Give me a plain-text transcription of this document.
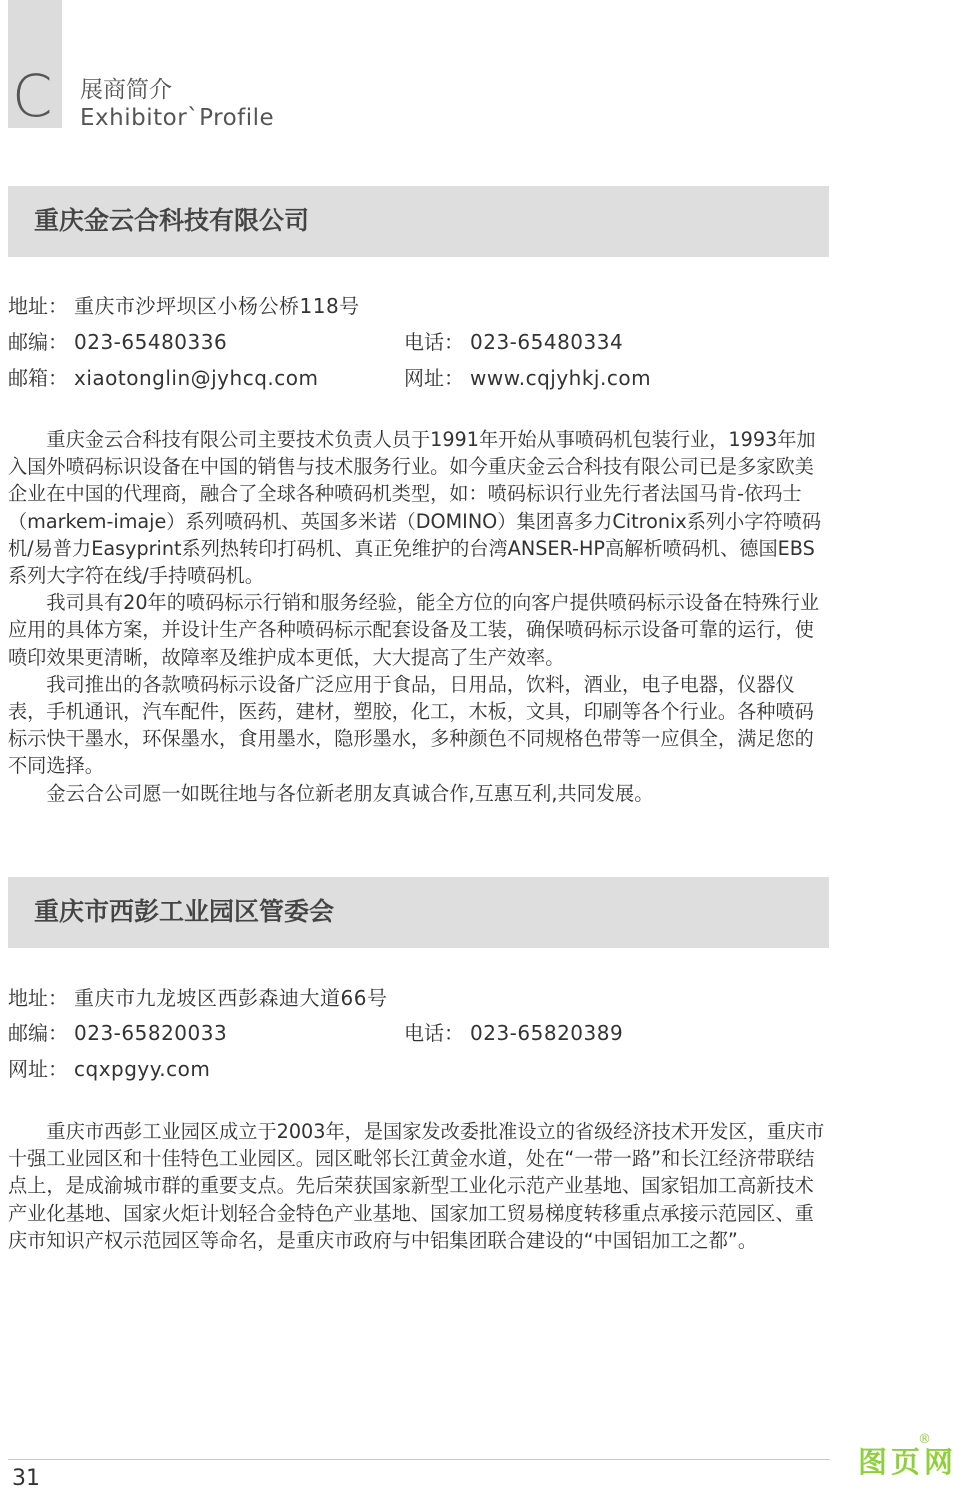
C 展商简介
Exhibitor`Profile
重庆金云合科技有限公司
地址： 重庆市沙坪坝区小杨公桥118号
邮编： 023-65480336	电话： 023-65480334
邮箱： xiaotonglin@jyhcq.com	网址： www.cqjyhkj.com

重庆金云合科技有限公司主要技术负责人员于1991年开始从事喷码机包装行业，1993年加入国外喷码标识设备在中国的销售与技术服务行业。如今重庆金云合科技有限公司已是多家欧美企业在中国的代理商，融合了全球各种喷码机类型，如：喷码标识行业先行者法国马肯-依玛士（markem-imaje）系列喷码机、英国多米诺（DOMINO）集团喜多力Citronix系列小字符喷码机/易普力Easyprint系列热转印打码机、真正免维护的台湾ANSER-HP高解析喷码机、德国EBS系列大字符在线/手持喷码机。

我司具有20年的喷码标示行销和服务经验，能全方位的向客户提供喷码标示设备在特殊行业应用的具体方案，并设计生产各种喷码标示配套设备及工装，确保喷码标示设备可靠的运行，使喷印效果更清晰，故障率及维护成本更低，大大提高了生产效率。

我司推出的各款喷码标示设备广泛应用于食品，日用品，饮料，酒业，电子电器，仪器仪表，手机通讯，汽车配件，医药，建材，塑胶，化工，木板，文具，印刷等各个行业。各种喷码标示快干墨水，环保墨水，食用墨水，隐形墨水，多种颜色不同规格色带等一应俱全，满足您的不同选择。

金云合公司愿一如既往地与各位新老朋友真诚合作,互惠互利,共同发展。

重庆市西彭工业园区管委会
地址： 重庆市九龙坡区西彭森迪大道66号
邮编： 023-65820033	电话： 023-65820389
网址： cqxpgyy.com

重庆市西彭工业园区成立于2003年，是国家发改委批准设立的省级经济技术开发区，重庆市十强工业园区和十佳特色工业园区。园区毗邻长江黄金水道，处在“一带一路”和长江经济带联结点上，是成渝城市群的重要支点。先后荣获国家新型工业化示范产业基地、国家铝加工高新技术产业化基地、国家火炬计划轻合金特色产业基地、国家加工贸易梯度转移重点承接示范园区、重庆市知识产权示范园区等命名，是重庆市政府与中铝集团联合建设的“中国铝加工之都”。

31	图页网
®
